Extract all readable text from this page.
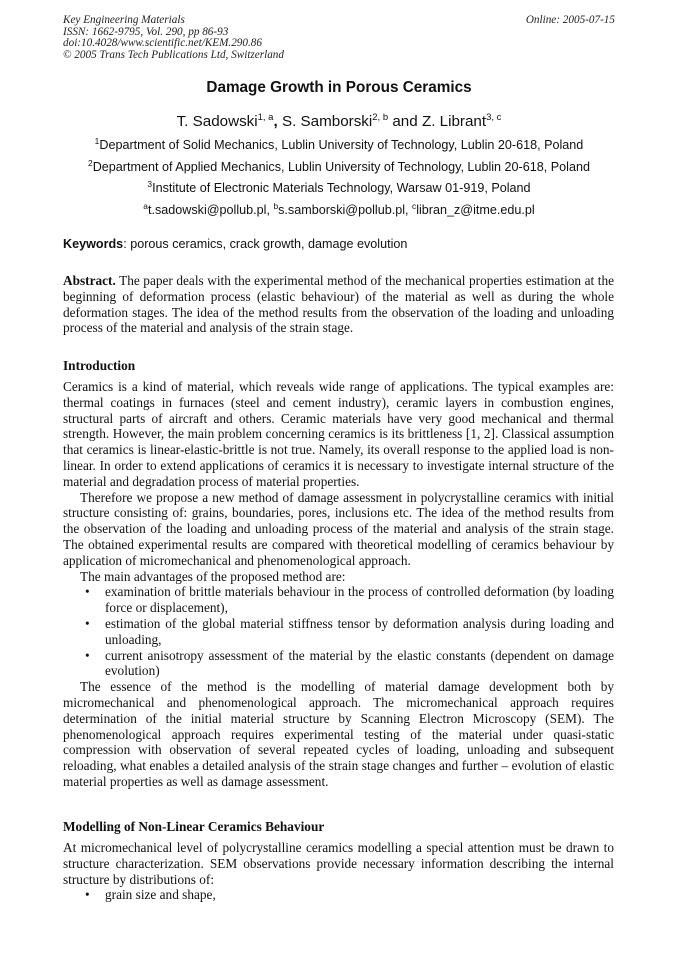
Key Engineering Materials
ISSN: 1662-9795, Vol. 290, pp 86-93
doi:10.4028/www.scientific.net/KEM.290.86
© 2005 Trans Tech Publications Ltd, Switzerland
Online: 2005-07-15
Damage Growth in Porous Ceramics
T. Sadowski$^{1, a}$, S. Samborski$^{2, b}$ and Z. Librant$^{3, c}$
$^1$Department of Solid Mechanics, Lublin University of Technology, Lublin 20-618, Poland
$^2$Department of Applied Mechanics, Lublin University of Technology, Lublin 20-618, Poland
$^3$Institute of Electronic Materials Technology, Warsaw 01-919, Poland
$^a$t.sadowski@pollub.pl, $^b$s.samborski@pollub.pl, $^c$libran_z@itme.edu.pl
Keywords: porous ceramics, crack growth, damage evolution

Abstract. The paper deals with the experimental method of the mechanical properties estimation at the beginning of deformation process (elastic behaviour) of the material as well as during the whole deformation stages. The idea of the method results from the observation of the loading and unloading process of the material and analysis of the strain stage.

Introduction

Ceramics is a kind of material, which reveals wide range of applications. The typical examples are: thermal coatings in furnaces (steel and cement industry), ceramic layers in combustion engines, structural parts of aircraft and others. Ceramic materials have very good mechanical and thermal strength. However, the main problem concerning ceramics is its brittleness [1, 2]. Classical assumption that ceramics is linear-elastic-brittle is not true. Namely, its overall response to the applied load is non-linear. In order to extend applications of ceramics it is necessary to investigate internal structure of the material and degradation process of material properties.

Therefore we propose a new method of damage assessment in polycrystalline ceramics with initial structure consisting of: grains, boundaries, pores, inclusions etc. The idea of the method results from the observation of the loading and unloading process of the material and analysis of the strain stage. The obtained experimental results are compared with theoretical modelling of ceramics behaviour by application of micromechanical and phenomenological approach.

The main advantages of the proposed method are:

• examination of brittle materials behaviour in the process of controlled deformation (by loading force or displacement),
• estimation of the global material stiffness tensor by deformation analysis during loading and unloading,
• current anisotropy assessment of the material by the elastic constants (dependent on damage evolution)

The essence of the method is the modelling of material damage development both by micromechanical and phenomenological approach. The micromechanical approach requires determination of the initial material structure by Scanning Electron Microscopy (SEM). The phenomenological approach requires experimental testing of the material under quasi-static compression with observation of several repeated cycles of loading, unloading and subsequent reloading, what enables a detailed analysis of the strain stage changes and further – evolution of elastic material properties as well as damage assessment.

Modelling of Non-Linear Ceramics Behaviour

At micromechanical level of polycrystalline ceramics modelling a special attention must be drawn to structure characterization. SEM observations provide necessary information describing the internal structure by distributions of:

• grain size and shape,
